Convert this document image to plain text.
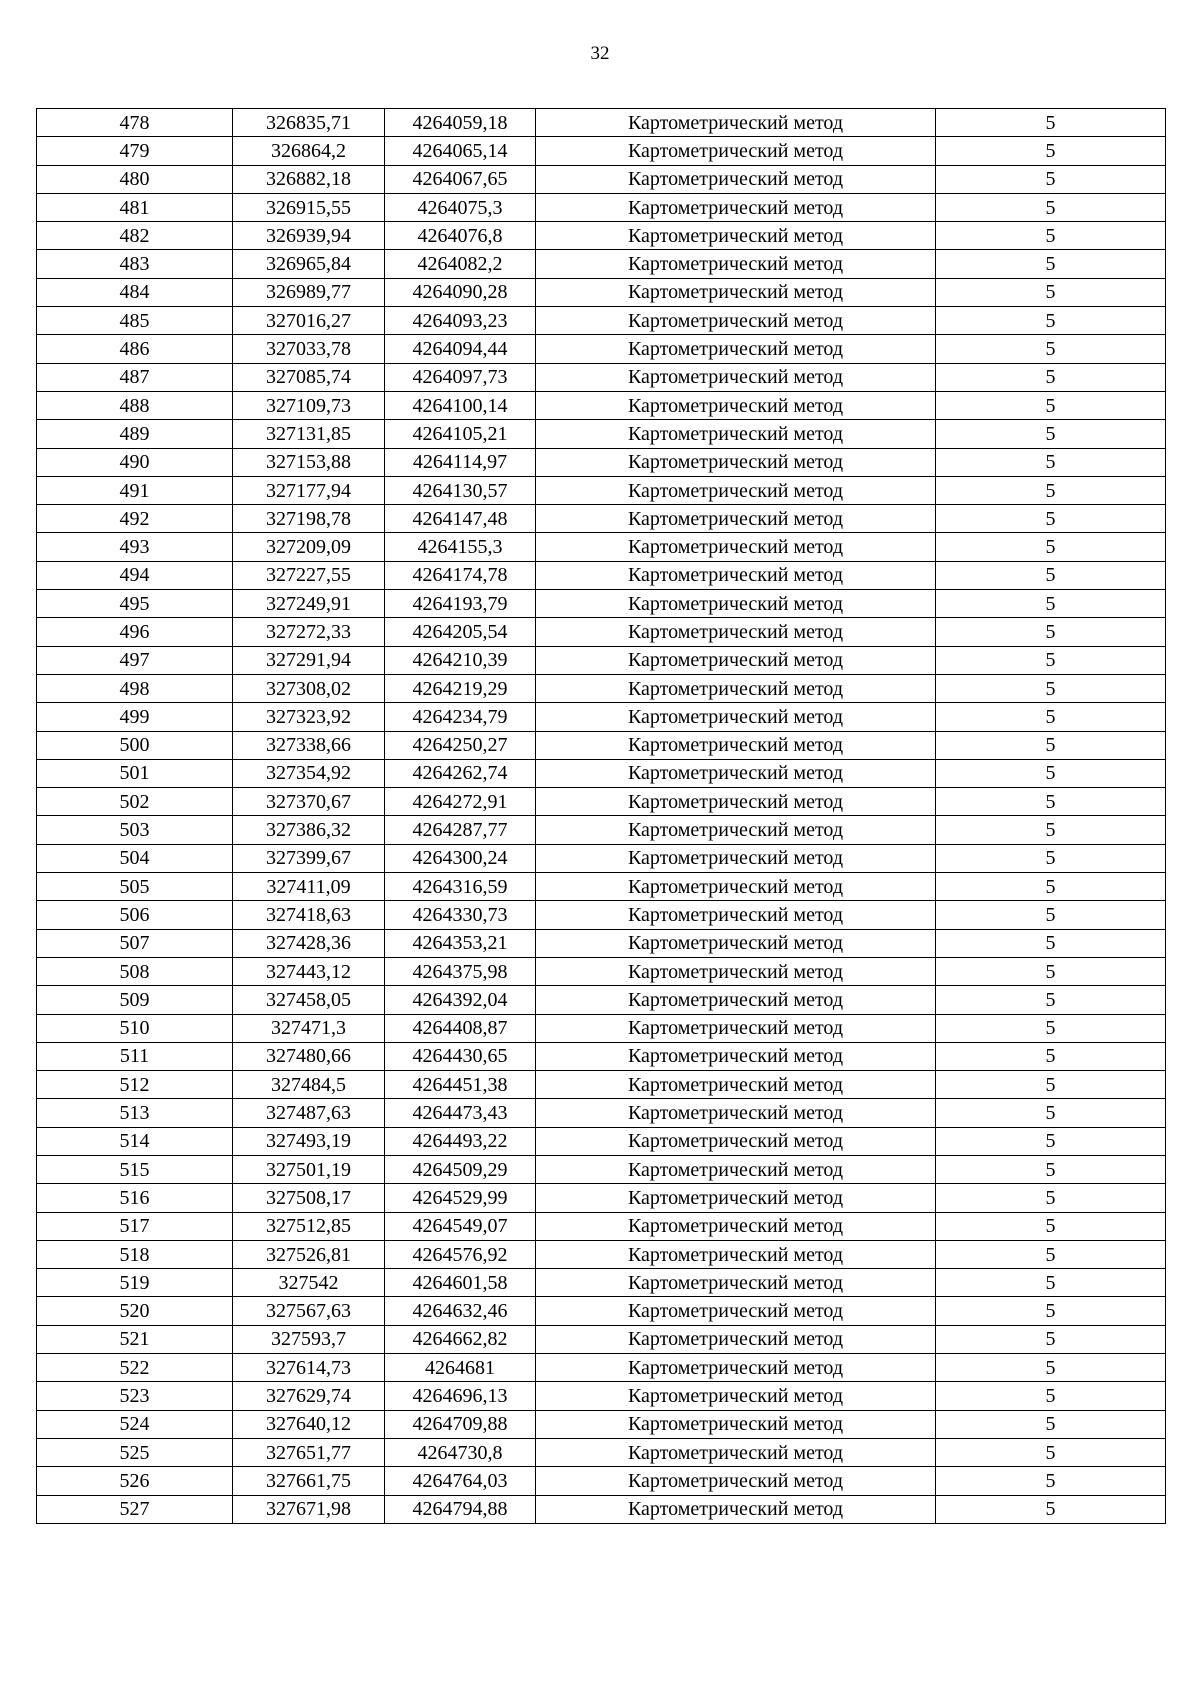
32
478	326835,71	4264059,18	Картометрический метод	5
479	326864,2	4264065,14	Картометрический метод	5
480	326882,18	4264067,65	Картометрический метод	5
481	326915,55	4264075,3	Картометрический метод	5
482	326939,94	4264076,8	Картометрический метод	5
483	326965,84	4264082,2	Картометрический метод	5
484	326989,77	4264090,28	Картометрический метод	5
485	327016,27	4264093,23	Картометрический метод	5
486	327033,78	4264094,44	Картометрический метод	5
487	327085,74	4264097,73	Картометрический метод	5
488	327109,73	4264100,14	Картометрический метод	5
489	327131,85	4264105,21	Картометрический метод	5
490	327153,88	4264114,97	Картометрический метод	5
491	327177,94	4264130,57	Картометрический метод	5
492	327198,78	4264147,48	Картометрический метод	5
493	327209,09	4264155,3	Картометрический метод	5
494	327227,55	4264174,78	Картометрический метод	5
495	327249,91	4264193,79	Картометрический метод	5
496	327272,33	4264205,54	Картометрический метод	5
497	327291,94	4264210,39	Картометрический метод	5
498	327308,02	4264219,29	Картометрический метод	5
499	327323,92	4264234,79	Картометрический метод	5
500	327338,66	4264250,27	Картометрический метод	5
501	327354,92	4264262,74	Картометрический метод	5
502	327370,67	4264272,91	Картометрический метод	5
503	327386,32	4264287,77	Картометрический метод	5
504	327399,67	4264300,24	Картометрический метод	5
505	327411,09	4264316,59	Картометрический метод	5
506	327418,63	4264330,73	Картометрический метод	5
507	327428,36	4264353,21	Картометрический метод	5
508	327443,12	4264375,98	Картометрический метод	5
509	327458,05	4264392,04	Картометрический метод	5
510	327471,3	4264408,87	Картометрический метод	5
511	327480,66	4264430,65	Картометрический метод	5
512	327484,5	4264451,38	Картометрический метод	5
513	327487,63	4264473,43	Картометрический метод	5
514	327493,19	4264493,22	Картометрический метод	5
515	327501,19	4264509,29	Картометрический метод	5
516	327508,17	4264529,99	Картометрический метод	5
517	327512,85	4264549,07	Картометрический метод	5
518	327526,81	4264576,92	Картометрический метод	5
519	327542	4264601,58	Картометрический метод	5
520	327567,63	4264632,46	Картометрический метод	5
521	327593,7	4264662,82	Картометрический метод	5
522	327614,73	4264681	Картометрический метод	5
523	327629,74	4264696,13	Картометрический метод	5
524	327640,12	4264709,88	Картометрический метод	5
525	327651,77	4264730,8	Картометрический метод	5
526	327661,75	4264764,03	Картометрический метод	5
527	327671,98	4264794,88	Картометрический метод	5
